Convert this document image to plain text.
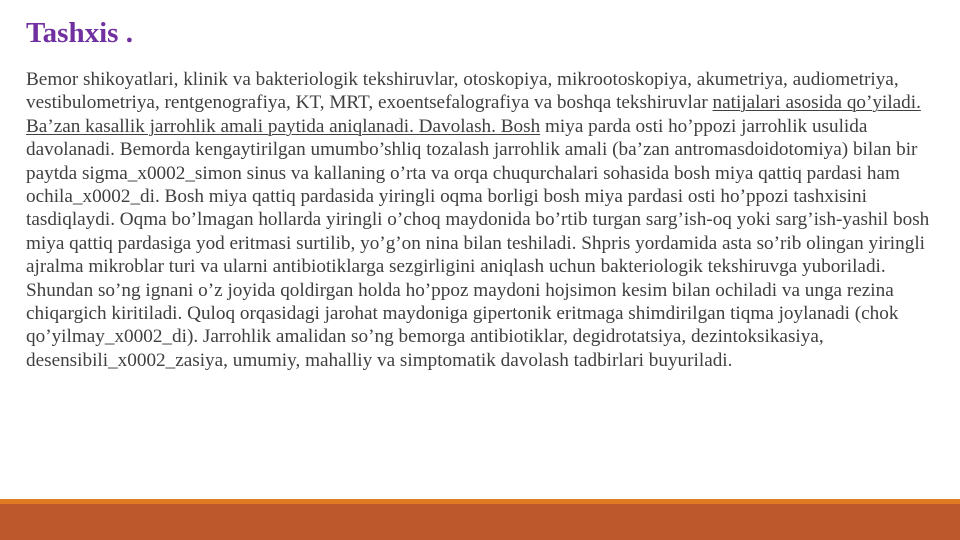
Tashxis .

Bemor shikoyatlari, klinik va bakteriologik tekshiruvlar, otoskopiya, mikrootoskopiya, akumetriya, audiometriya, vestibulometriya, rentgenografiya, KT, MRT, exoentsefalografiya va boshqa tekshiruvlar natijalari asosida qo’yiladi. Ba’zan kasallik jarrohlik amali paytida aniqlanadi. Davolash. Bosh miya parda osti ho’ppozi jarrohlik usulida davolanadi. Bemorda kengaytirilgan umumbo’shliq tozalash jarrohlik amali (ba’zan antromasdoidotomiya) bilan bir paytda sigma_x0002_simon sinus va kallaning o’rta va orqa chuqurchalari sohasida bosh miya qattiq pardasi ham ochila_x0002_di. Bosh miya qattiq pardasida yiringli oqma borligi bosh miya pardasi osti ho’ppozi tashxisini tasdiqlaydi. Oqma bo’lmagan hollarda yiringli o’choq maydonida bo’rtib turgan sarg’ish-oq yoki sarg’ish-yashil bosh miya qattiq pardasiga yod eritmasi surtilib, yo’g’on nina bilan teshiladi. Shpris yordamida asta so’rib olingan yiringli ajralma mikroblar turi va ularni antibiotiklarga sezgirligini aniqlash uchun bakteriologik tekshiruvga yuboriladi. Shundan so’ng ignani o’z joyida qoldirgan holda ho’ppoz maydoni hojsimon kesim bilan ochiladi va unga rezina chiqargich kiritiladi. Quloq orqasidagi jarohat maydoniga gipertonik eritmaga shimdirilgan tiqma joylanadi (chok qo’yilmay_x0002_di). Jarrohlik amalidan so’ng bemorga antibiotiklar, degidrotatsiya, dezintoksikasiya, desensibili_x0002_zasiya, umumiy, mahalliy va simptomatik davolash tadbirlari buyuriladi.
